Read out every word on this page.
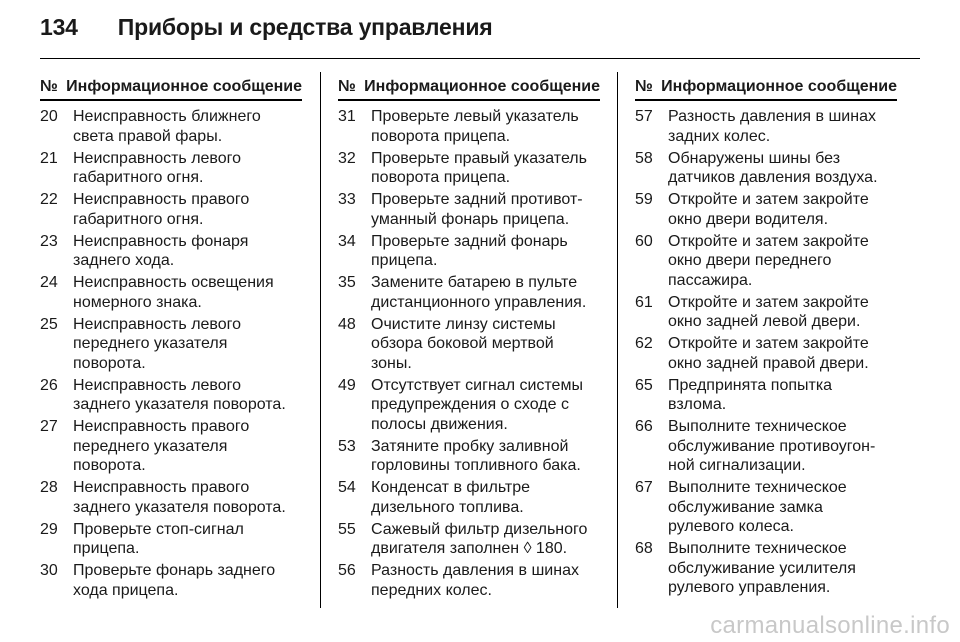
134 Приборы и средства управления
№ Информационное сообщение
20 Неисправность ближнего
света правой фары.
21 Неисправность левого
габаритного огня.
22 Неисправность правого
габаритного огня.
23 Неисправность фонаря
заднего хода.
24 Неисправность освещения
номерного знака.
25 Неисправность левого
переднего указателя
поворота.
26 Неисправность левого
заднего указателя поворота.
27 Неисправность правого
переднего указателя
поворота.
28 Неисправность правого
заднего указателя поворота.
29 Проверьте стоп-сигнал
прицепа.
30 Проверьте фонарь заднего
хода прицепа.
№ Информационное сообщение
31 Проверьте левый указатель
поворота прицепа.
32 Проверьте правый указатель
поворота прицепа.
33 Проверьте задний противот-
уманный фонарь прицепа.
34 Проверьте задний фонарь
прицепа.
35 Замените батарею в пульте
дистанционного управления.
48 Очистите линзу системы
обзора боковой мертвой
зоны.
49 Отсутствует сигнал системы
предупреждения о сходе с
полосы движения.
53 Затяните пробку заливной
горловины топливного бака.
54 Конденсат в фильтре
дизельного топлива.
55 Сажевый фильтр дизельного
двигателя заполнен ◊ 180.
56 Разность давления в шинах
передних колес.
№ Информационное сообщение
57 Разность давления в шинах
задних колес.
58 Обнаружены шины без
датчиков давления воздуха.
59 Откройте и затем закройте
окно двери водителя.
60 Откройте и затем закройте
окно двери переднего
пассажира.
61 Откройте и затем закройте
окно задней левой двери.
62 Откройте и затем закройте
окно задней правой двери.
65 Предпринята попытка
взлома.
66 Выполните техническое
обслуживание противоугон-
ной сигнализации.
67 Выполните техническое
обслуживание замка
рулевого колеса.
68 Выполните техническое
обслуживание усилителя
рулевого управления.
carmanualsonline.info
